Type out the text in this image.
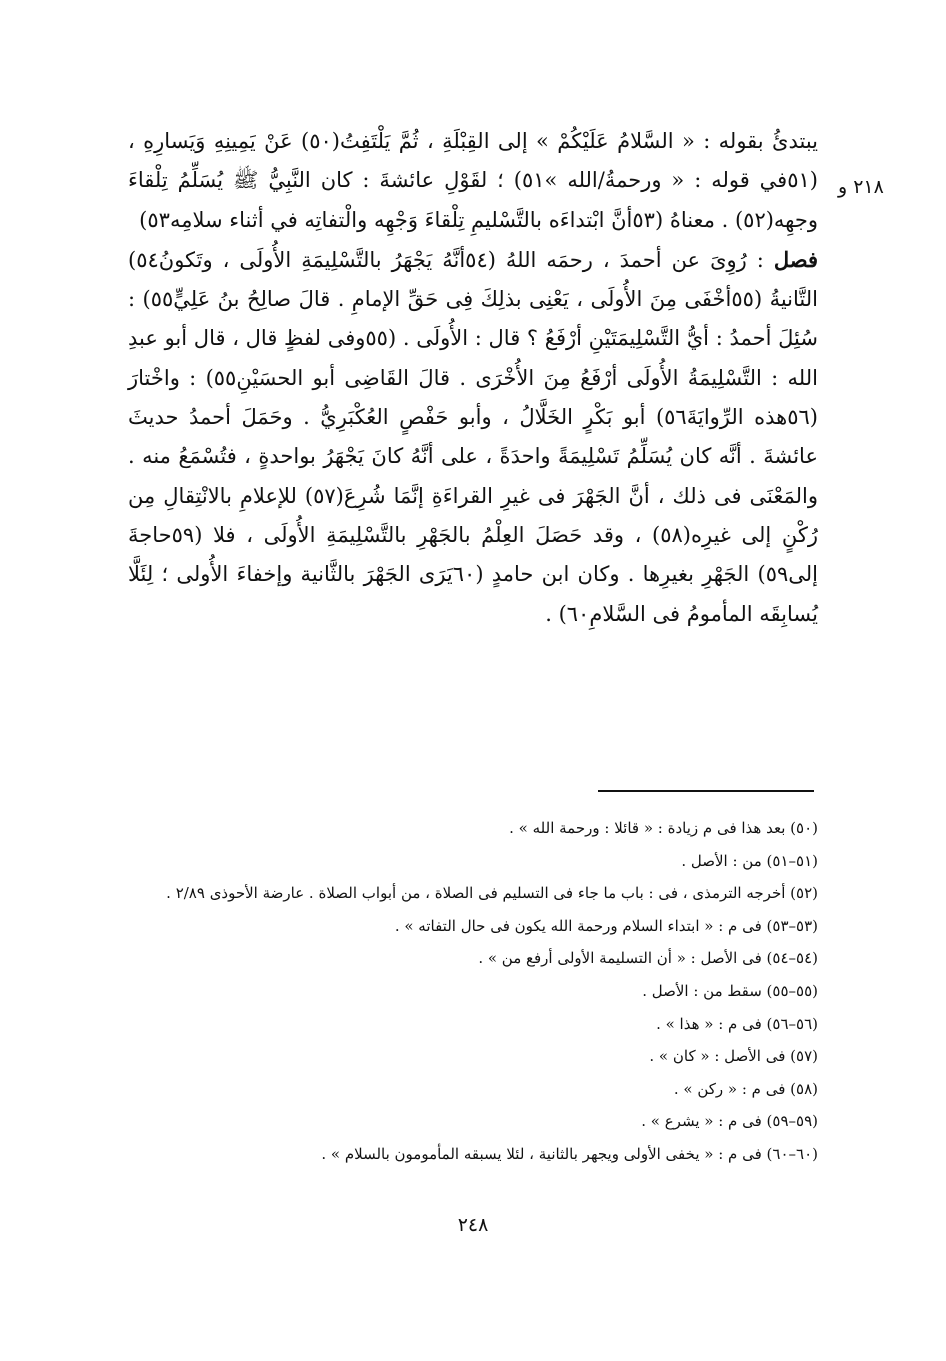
٢١٨ و

يبتدئُ بقوله : « السَّلامُ عَلَيْكُمْ » إلى القِبْلَةِ ، ثُمَّ يَلْتَفِتُ(٥٠) عَنْ يَمِينِهِ وَيَسارِهِ ، (٥١في قوله : « ورحمةُ/الله »٥١) ؛ لقَوْلِ عائشةَ : كان النَّبِيُّ ﷺ يُسَلِّمُ تِلْقاءَ وجهِه(٥٢) . معناهُ (٥٣أنَّ ابْتداءَه بالتَّسْليمِ تِلْقاءَ وَجْهِه والْتفاتِه في أثناء سلامِه٥٣)

فصل : رُوِىَ عن أحمدَ ، رحمَه اللهُ (٥٤أنَّهُ يَجْهَرُ بالتَّسْلِيمَةِ الأُولَى ، وتَكونُ٥٤) التَّانيةُ (٥٥أخْفَى مِنَ الأُولَى ، يَعْنِى بذلِكَ فِى حَقِّ الإمامِ . قالَ صالِحُ بنُ عَلِيٍّ٥٥) : سُئِلَ أحمدُ : أيُّ التَّسْلِيمَتَيْنِ أرْفَعُ ؟ قال : الأُولَى . (٥٥وفى لفظٍ قال ، قال أبو عبدِ الله : التَّسْلِيمَةُ الأُولَى أرْفَعُ مِنَ الأُخْرَى . قالَ القَاضِى أبو الحسَيْنِ٥٥) : واخْتارَ (٥٦هذه الرِّوايَةَ٥٦) أبو بَكْرٍ الخَلَّالُ ، وأبو حَفْصٍ العُكْبَرِيُّ . وحَمَلَ أحمدُ حديثَ عائشةَ . أنَّه كان يُسَلِّمُ تَسْلِيمَةً واحدَةً ، على أنَّهُ كانَ يَجْهَرُ بواحدةٍ ، فتُسْمَعُ منه . والمَعْنَى فى ذلك ، أنَّ الجَهْرَ فى غيرِ القراءَةِ إنَّمَا شُرِعَ(٥٧) للإعلامِ بالانْتِقالِ مِن رُكْنٍ إلى غيرِه(٥٨) ، وقد حَصَلَ العِلْمُ بالجَهْرِ بالتَّسْلِيمَةِ الأُولَى ، فلا (٥٩حاجةَ إلى٥٩) الجَهْرِ بغيرِها . وكان ابن حامدٍ (٦٠يَرَى الجَهْرَ بالثَّانية وإخفاءَ الأُولى ؛ لِئَلَّا يُسابِقَه المأمومُ فى السَّلامِ٦٠) .

(٥٠) بعد هذا فى م زيادة : « قائلا : ورحمة الله » .

(٥١–٥١) من : الأصل .

(٥٢) أخرجه الترمذى ، فى : باب ما جاء فى التسليم فى الصلاة ، من أبواب الصلاة . عارضة الأحوذى ٢/٨٩ .

(٥٣–٥٣) فى م : « ابتداء السلام ورحمة الله يكون فى حال التفاته » .

(٥٤–٥٤) فى الأصل : « أن التسليمة الأولى أرفع من » .

(٥٥–٥٥) سقط من : الأصل .

(٥٦–٥٦) فى م : « هذا » .

(٥٧) فى الأصل : « كان » .

(٥٨) فى م : « ركن » .

(٥٩–٥٩) فى م : « يشرع » .

(٦٠–٦٠) فى م : « يخفى الأولى ويجهر بالثانية ، لئلا يسبقه المأمومون بالسلام » .

٢٤٨
